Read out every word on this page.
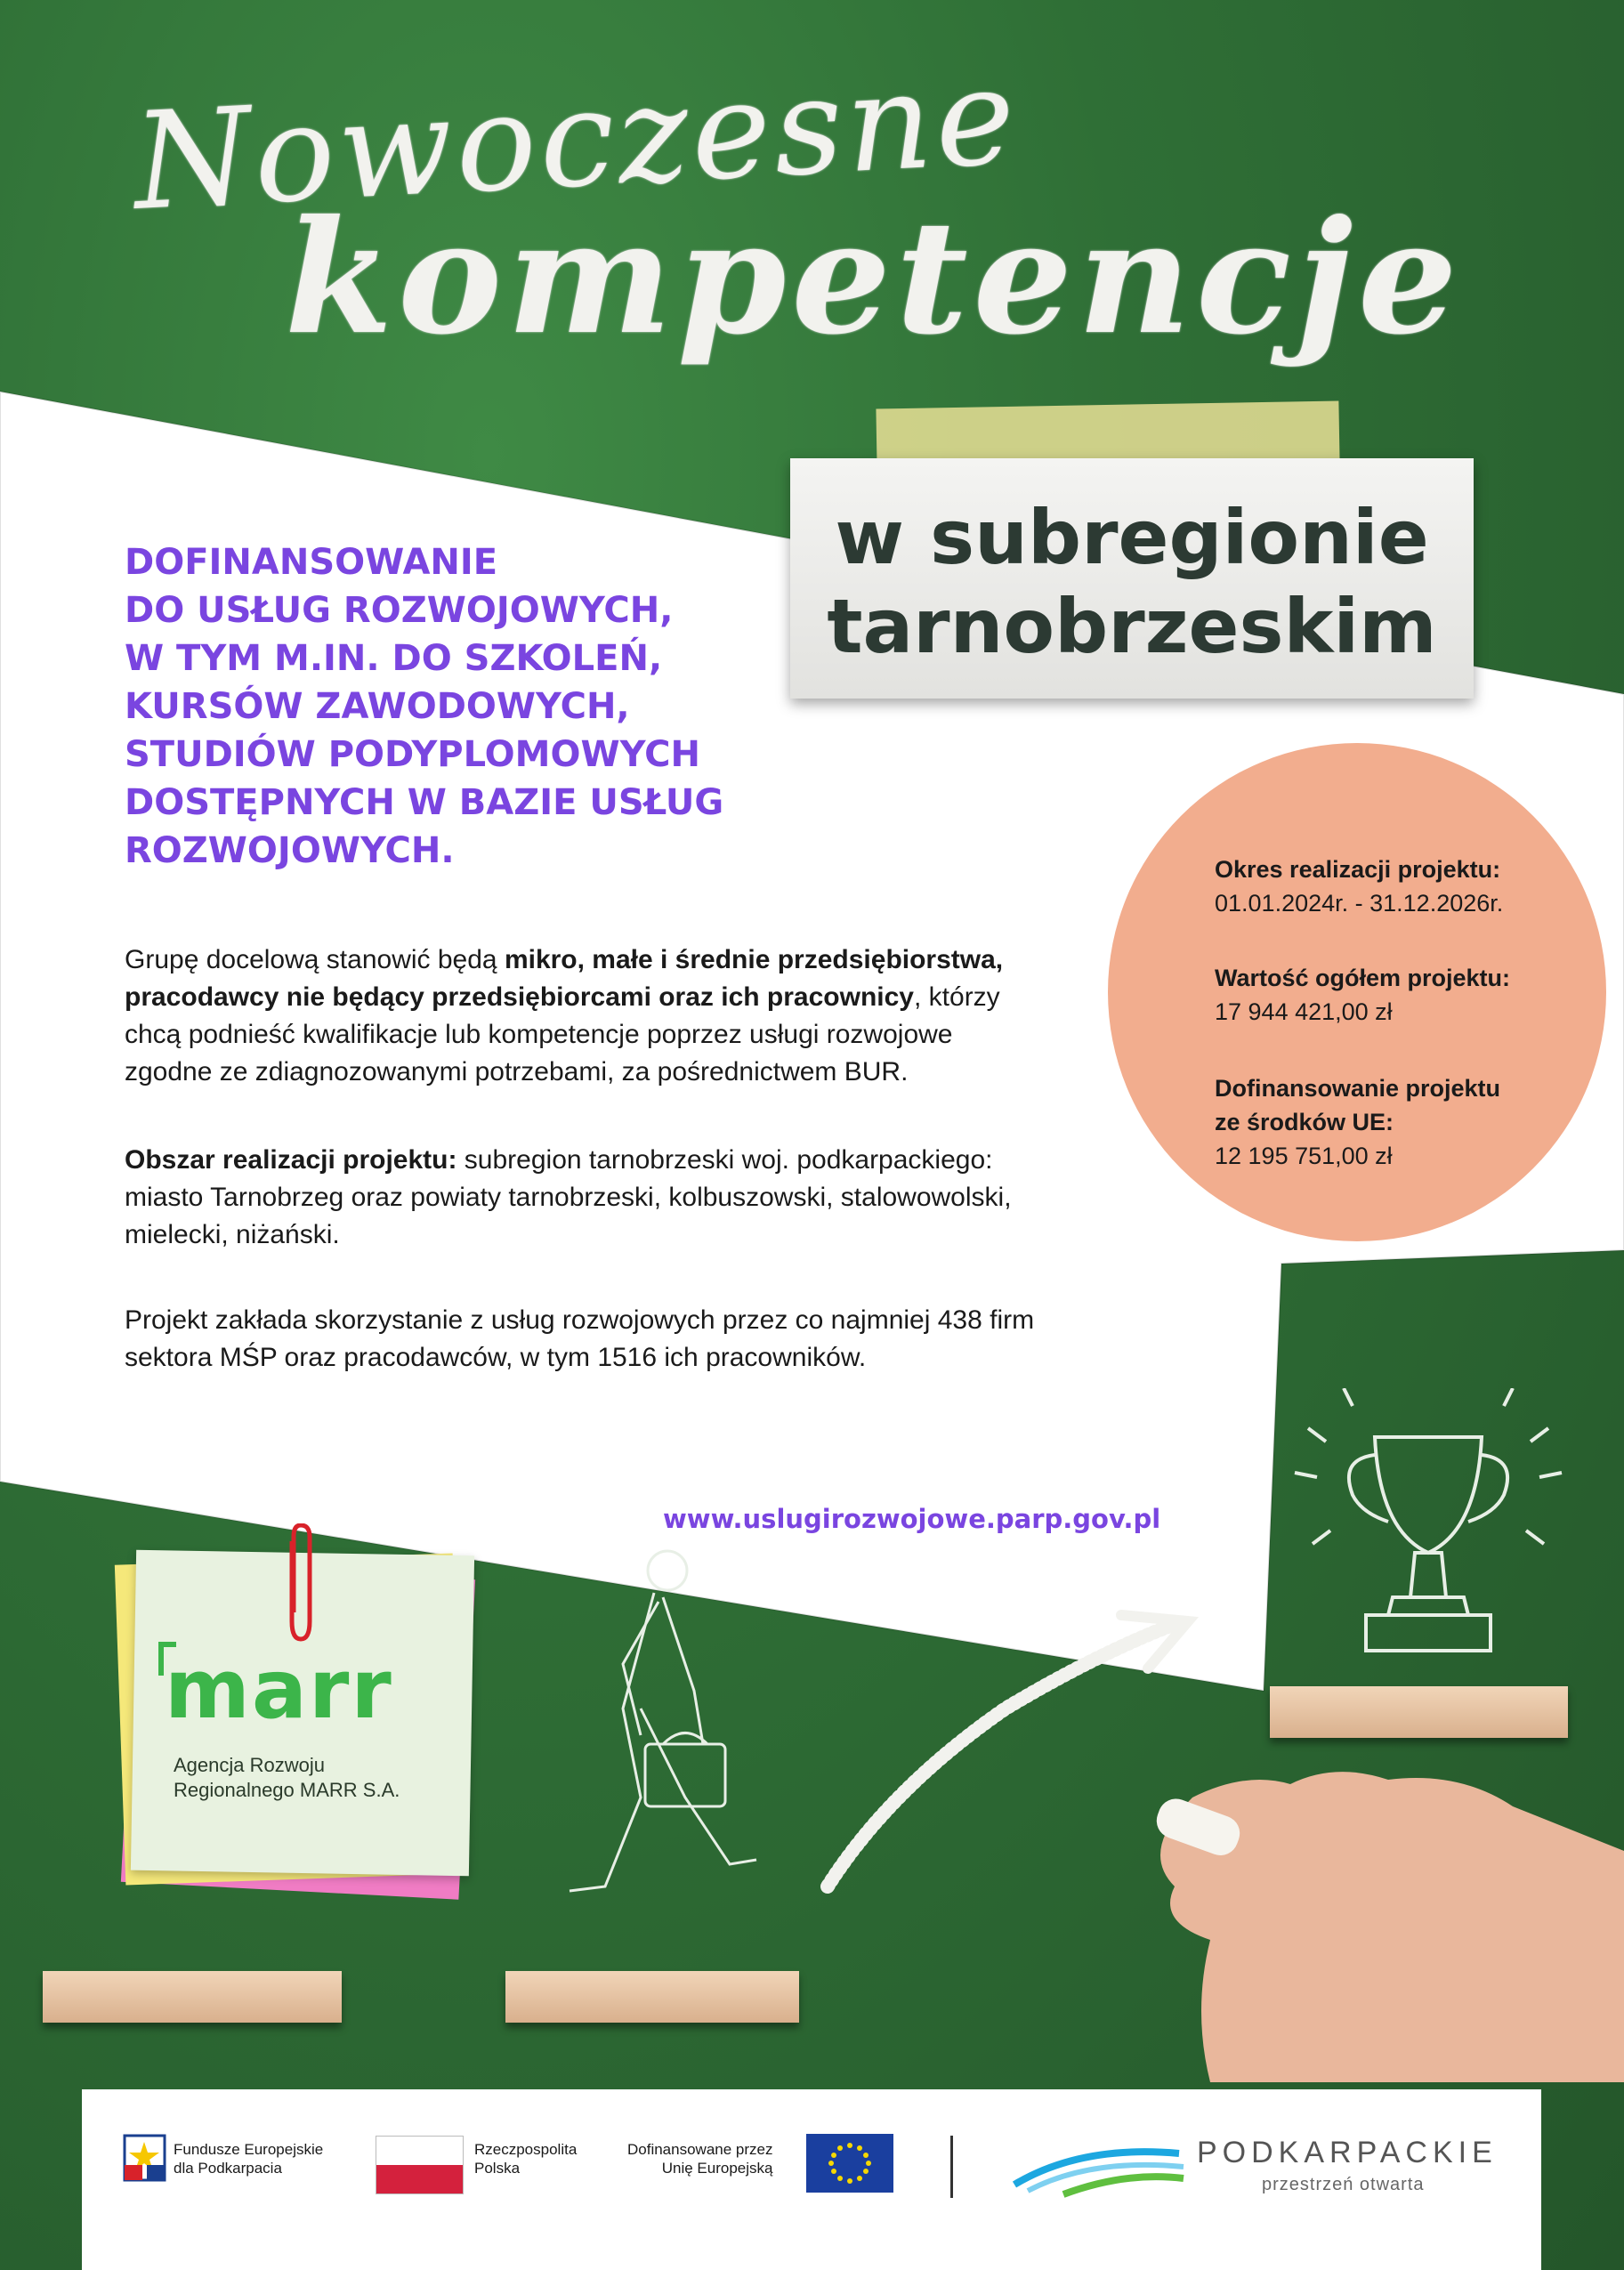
Nowoczesne
kompetencje
w subregionie
tarnobrzeskim
DOFINANSOWANIE
DO USŁUG ROZWOJOWYCH,
W TYM M.IN. DO SZKOLEŃ,
KURSÓW ZAWODOWYCH,
STUDIÓW PODYPLOMOWYCH
DOSTĘPNYCH W BAZIE USŁUG
ROZWOJOWYCH.
Grupę docelową stanowić będą mikro, małe i średnie przedsiębiorstwa,
pracodawcy nie będący przedsiębiorcami oraz ich pracownicy, którzy
chcą podnieść kwalifikacje lub kompetencje poprzez usługi rozwojowe
zgodne ze zdiagnozowanymi potrzebami, za pośrednictwem BUR.
Obszar realizacji projektu: subregion tarnobrzeski woj. podkarpackiego:
miasto Tarnobrzeg oraz powiaty tarnobrzeski, kolbuszowski, stalowowolski,
mielecki, niżański.
Projekt zakłada skorzystanie z usług rozwojowych przez co najmniej 438 firm
sektora MŚP oraz pracodawców, w tym 1516 ich pracowników.
Okres realizacji projektu:
01.01.2024r. - 31.12.2026r.
Wartość ogółem projektu:
17 944 421,00 zł
Dofinansowanie projektu
ze środków UE:
12 195 751,00 zł
www.uslugirozwojowe.parp.gov.pl
marr
Agencja Rozwoju
Regionalnego MARR S.A.
Fundusze Europejskie
dla Podkarpacia
Rzeczpospolita
Polska
Dofinansowane przez
Unię Europejską	PODKARPACKIE
przestrzeń otwarta
